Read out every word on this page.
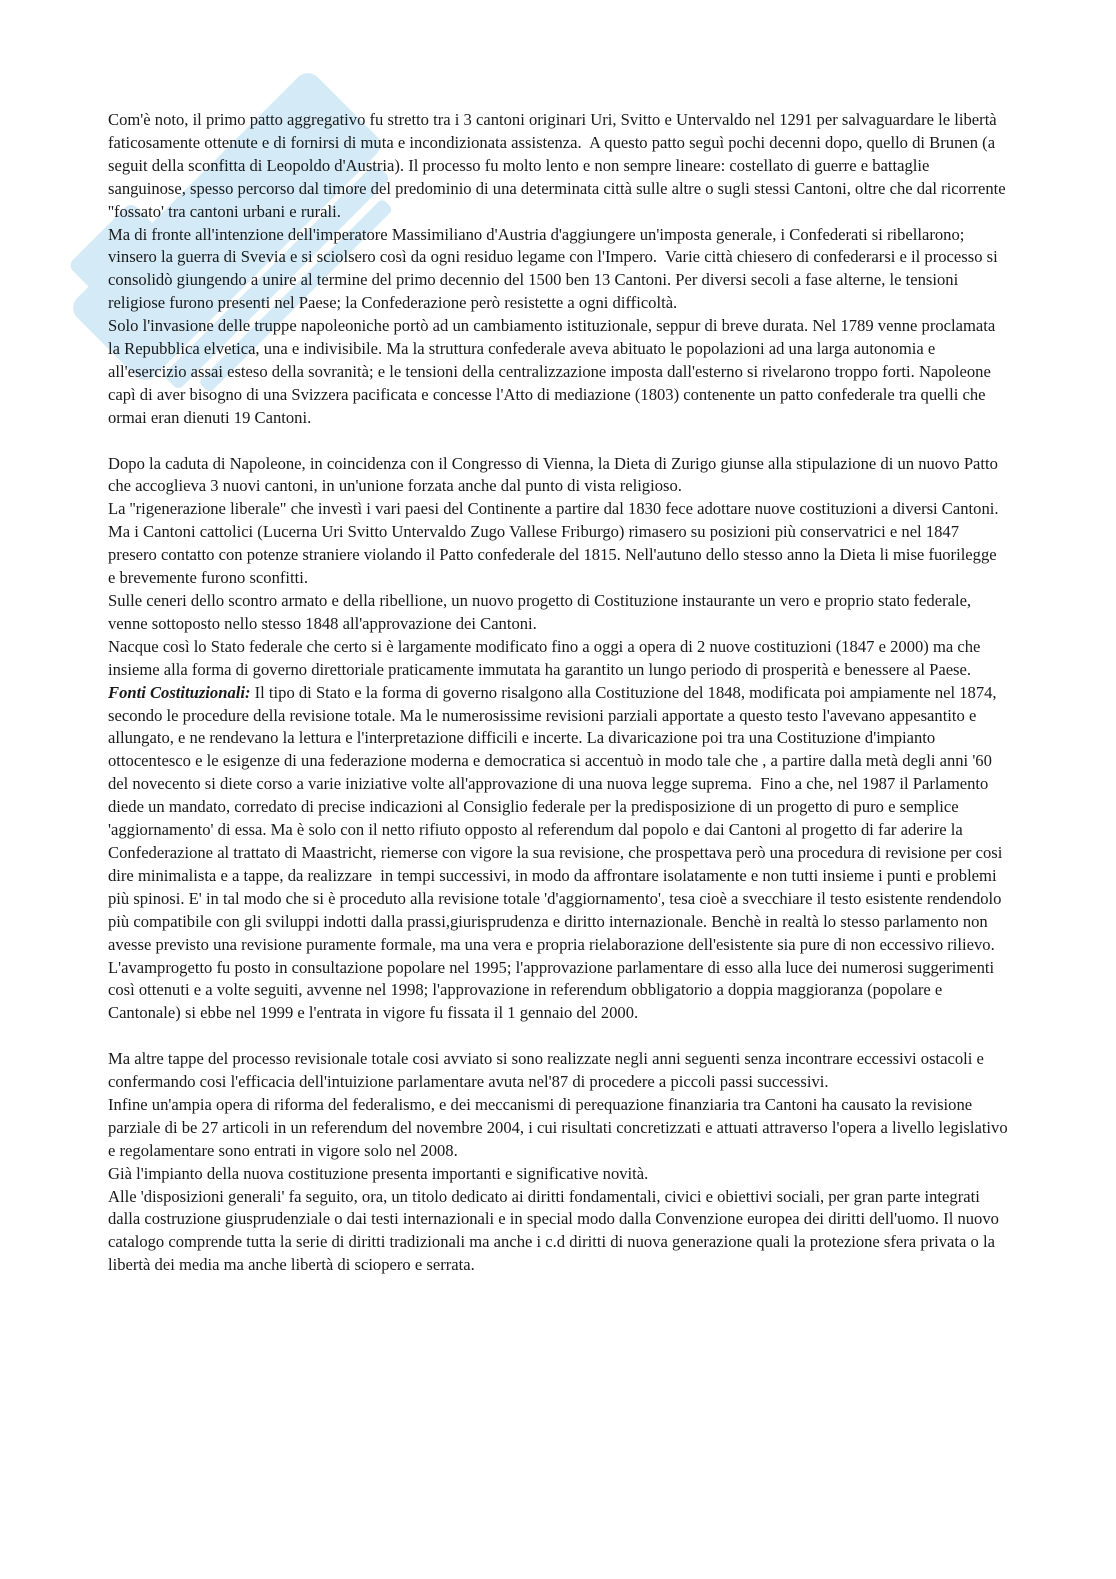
Com'è noto, il primo patto aggregativo fu stretto tra i 3 cantoni originari Uri, Svitto e Untervaldo nel 1291 per salvaguardare le libertà faticosamente ottenute e di fornirsi di muta e incondizionata assistenza.  A questo patto seguì pochi decenni dopo, quello di Brunen (a seguit della sconfitta di Leopoldo d'Austria). Il processo fu molto lento e non sempre lineare: costellato di guerre e battaglie sanguinose, spesso percorso dal timore del predominio di una determinata città sulle altre o sugli stessi Cantoni, oltre che dal ricorrente ''fossato' tra cantoni urbani e rurali.

Ma di fronte all'intenzione dell'imperatore Massimiliano d'Austria d'aggiungere un'imposta generale, i Confederati si ribellarono; vinsero la guerra di Svevia e si sciolsero così da ogni residuo legame con l'Impero.  Varie città chiesero di confederarsi e il processo si consolidò giungendo a unire al termine del primo decennio del 1500 ben 13 Cantoni. Per diversi secoli a fase alterne, le tensioni religiose furono presenti nel Paese; la Confederazione però resistette a ogni difficoltà.

Solo l'invasione delle truppe napoleoniche portò ad un cambiamento istituzionale, seppur di breve durata. Nel 1789 venne proclamata la Repubblica elvetica, una e indivisibile. Ma la struttura confederale aveva abituato le popolazioni ad una larga autonomia e all'esercizio assai esteso della sovranità; e le tensioni della centralizzazione imposta dall'esterno si rivelarono troppo forti. Napoleone capì di aver bisogno di una Svizzera pacificata e concesse l'Atto di mediazione (1803) contenente un patto confederale tra quelli che ormai eran dienuti 19 Cantoni.

Dopo la caduta di Napoleone, in coincidenza con il Congresso di Vienna, la Dieta di Zurigo giunse alla stipulazione di un nuovo Patto che accoglieva 3 nuovi cantoni, in un'unione forzata anche dal punto di vista religioso.

La ''rigenerazione liberale" che investì i vari paesi del Continente a partire dal 1830 fece adottare nuove costituzioni a diversi Cantoni. Ma i Cantoni cattolici (Lucerna Uri Svitto Untervaldo Zugo Vallese Friburgo) rimasero su posizioni più conservatrici e nel 1847 presero contatto con potenze straniere violando il Patto confederale del 1815. Nell'autuno dello stesso anno la Dieta li mise fuorilegge e brevemente furono sconfitti.

Sulle ceneri dello scontro armato e della ribellione, un nuovo progetto di Costituzione instaurante un vero e proprio stato federale, venne sottoposto nello stesso 1848 all'approvazione dei Cantoni.

Nacque così lo Stato federale che certo si è largamente modificato fino a oggi a opera di 2 nuove costituzioni (1847 e 2000) ma che insieme alla forma di governo direttoriale praticamente immutata ha garantito un lungo periodo di prosperità e benessere al Paese.

Fonti Costituzionali: Il tipo di Stato e la forma di governo risalgono alla Costituzione del 1848, modificata poi ampiamente nel 1874, secondo le procedure della revisione totale. Ma le numerosissime revisioni parziali apportate a questo testo l'avevano appesantito e allungato, e ne rendevano la lettura e l'interpretazione difficili e incerte. La divaricazione poi tra una Costituzione d'impianto ottocentesco e le esigenze di una federazione moderna e democratica si accentuò in modo tale che , a partire dalla metà degli anni '60 del novecento si diete corso a varie iniziative volte all'approvazione di una nuova legge suprema.  Fino a che, nel 1987 il Parlamento diede un mandato, corredato di precise indicazioni al Consiglio federale per la predisposizione di un progetto di puro e semplice 'aggiornamento' di essa. Ma è solo con il netto rifiuto opposto al referendum dal popolo e dai Cantoni al progetto di far aderire la Confederazione al trattato di Maastricht, riemerse con vigore la sua revisione, che prospettava però una procedura di revisione per cosi dire minimalista e a tappe, da realizzare  in tempi successivi, in modo da affrontare isolatamente e non tutti insieme i punti e problemi più spinosi. E' in tal modo che si è proceduto alla revisione totale 'd'aggiornamento', tesa cioè a svecchiare il testo esistente rendendolo più compatibile con gli sviluppi indotti dalla prassi,giurisprudenza e diritto internazionale. Benchè in realtà lo stesso parlamento non avesse previsto una revisione puramente formale, ma una vera e propria rielaborazione dell'esistente sia pure di non eccessivo rilievo.

L'avamprogetto fu posto in consultazione popolare nel 1995; l'approvazione parlamentare di esso alla luce dei numerosi suggerimenti così ottenuti e a volte seguiti, avvenne nel 1998; l'approvazione in referendum obbligatorio a doppia maggioranza (popolare e Cantonale) si ebbe nel 1999 e l'entrata in vigore fu fissata il 1 gennaio del 2000.

Ma altre tappe del processo revisionale totale cosi avviato si sono realizzate negli anni seguenti senza incontrare eccessivi ostacoli e confermando cosi l'efficacia dell'intuizione parlamentare avuta nel'87 di procedere a piccoli passi successivi.

Infine un'ampia opera di riforma del federalismo, e dei meccanismi di perequazione finanziaria tra Cantoni ha causato la revisione parziale di be 27 articoli in un referendum del novembre 2004, i cui risultati concretizzati e attuati attraverso l'opera a livello legislativo e regolamentare sono entrati in vigore solo nel 2008.

Già l'impianto della nuova costituzione presenta importanti e significative novità.

Alle 'disposizioni generali' fa seguito, ora, un titolo dedicato ai diritti fondamentali, civici e obiettivi sociali, per gran parte integrati dalla costruzione giusprudenziale o dai testi internazionali e in special modo dalla Convenzione europea dei diritti dell'uomo. Il nuovo catalogo comprende tutta la serie di diritti tradizionali ma anche i c.d diritti di nuova generazione quali la protezione sfera privata o la libertà dei media ma anche libertà di sciopero e serrata.
